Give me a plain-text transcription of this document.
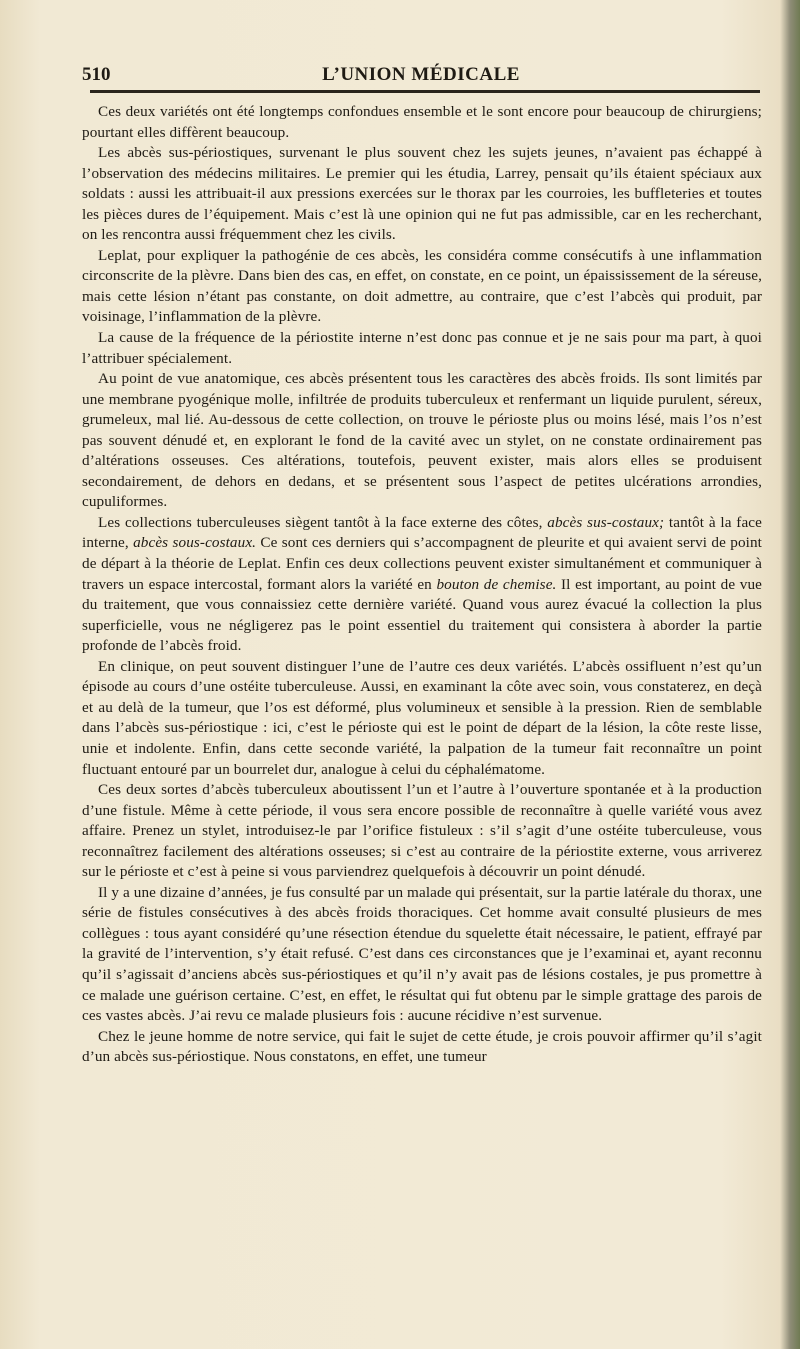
510	L’UNION MÉDICALE

Ces deux variétés ont été longtemps confondues ensemble et le sont encore pour beaucoup de chirurgiens; pourtant elles diffèrent beaucoup.

Les abcès sus-périostiques, survenant le plus souvent chez les sujets jeunes, n’avaient pas échappé à l’observation des médecins militaires. Le premier qui les étudia, Larrey, pensait qu’ils étaient spéciaux aux soldats : aussi les attribuait-il aux pressions exercées sur le thorax par les courroies, les buffleteries et toutes les pièces dures de l’équipement. Mais c’est là une opinion qui ne fut pas admissible, car en les recherchant, on les rencontra aussi fréquemment chez les civils.

Leplat, pour expliquer la pathogénie de ces abcès, les considéra comme consécutifs à une inflammation circonscrite de la plèvre. Dans bien des cas, en effet, on constate, en ce point, un épaississement de la séreuse, mais cette lésion n’étant pas constante, on doit admettre, au contraire, que c’est l’abcès qui produit, par voisinage, l’inflammation de la plèvre.

La cause de la fréquence de la périostite interne n’est donc pas connue et je ne sais pour ma part, à quoi l’attribuer spécialement.

Au point de vue anatomique, ces abcès présentent tous les caractères des abcès froids. Ils sont limités par une membrane pyogénique molle, infiltrée de produits tuberculeux et renfermant un liquide purulent, séreux, grumeleux, mal lié. Au-dessous de cette collection, on trouve le périoste plus ou moins lésé, mais l’os n’est pas souvent dénudé et, en explorant le fond de la cavité avec un stylet, on ne constate ordinairement pas d’altérations osseuses. Ces altérations, toutefois, peuvent exister, mais alors elles se produisent secondairement, de dehors en dedans, et se présentent sous l’aspect de petites ulcérations arrondies, cupuliformes.

Les collections tuberculeuses siègent tantôt à la face externe des côtes, abcès sus-costaux; tantôt à la face interne, abcès sous-costaux. Ce sont ces derniers qui s’accompagnent de pleurite et qui avaient servi de point de départ à la théorie de Leplat. Enfin ces deux collections peuvent exister simultanément et communiquer à travers un espace intercostal, formant alors la variété en bouton de chemise. Il est important, au point de vue du traitement, que vous connaissiez cette dernière variété. Quand vous aurez évacué la collection la plus superficielle, vous ne négligerez pas le point essentiel du traitement qui consistera à aborder la partie profonde de l’abcès froid.

En clinique, on peut souvent distinguer l’une de l’autre ces deux variétés. L’abcès ossifluent n’est qu’un épisode au cours d’une ostéite tuberculeuse. Aussi, en examinant la côte avec soin, vous constaterez, en deçà et au delà de la tumeur, que l’os est déformé, plus volumineux et sensible à la pression. Rien de semblable dans l’abcès sus-périostique : ici, c’est le périoste qui est le point de départ de la lésion, la côte reste lisse, unie et indolente. Enfin, dans cette seconde variété, la palpation de la tumeur fait reconnaître un point fluctuant entouré par un bourrelet dur, analogue à celui du céphalématome.

Ces deux sortes d’abcès tuberculeux aboutissent l’un et l’autre à l’ouverture spontanée et à la production d’une fistule. Même à cette période, il vous sera encore possible de reconnaître à quelle variété vous avez affaire. Prenez un stylet, introduisez-le par l’orifice fistuleux : s’il s’agit d’une ostéite tuberculeuse, vous reconnaîtrez facilement des altérations osseuses; si c’est au contraire de la périostite externe, vous arriverez sur le périoste et c’est à peine si vous parviendrez quelquefois à découvrir un point dénudé.

Il y a une dizaine d’années, je fus consulté par un malade qui présentait, sur la partie latérale du thorax, une série de fistules consécutives à des abcès froids thoraciques. Cet homme avait consulté plusieurs de mes collègues : tous ayant considéré qu’une résection étendue du squelette était nécessaire, le patient, effrayé par la gravité de l’intervention, s’y était refusé. C’est dans ces circonstances que je l’examinai et, ayant reconnu qu’il s’agissait d’anciens abcès sus-périostiques et qu’il n’y avait pas de lésions costales, je pus promettre à ce malade une guérison certaine. C’est, en effet, le résultat qui fut obtenu par le simple grattage des parois de ces vastes abcès. J’ai revu ce malade plusieurs fois : aucune récidive n’est survenue.

Chez le jeune homme de notre service, qui fait le sujet de cette étude, je crois pouvoir affirmer qu’il s’agit d’un abcès sus-périostique. Nous constatons, en effet, une tumeur
